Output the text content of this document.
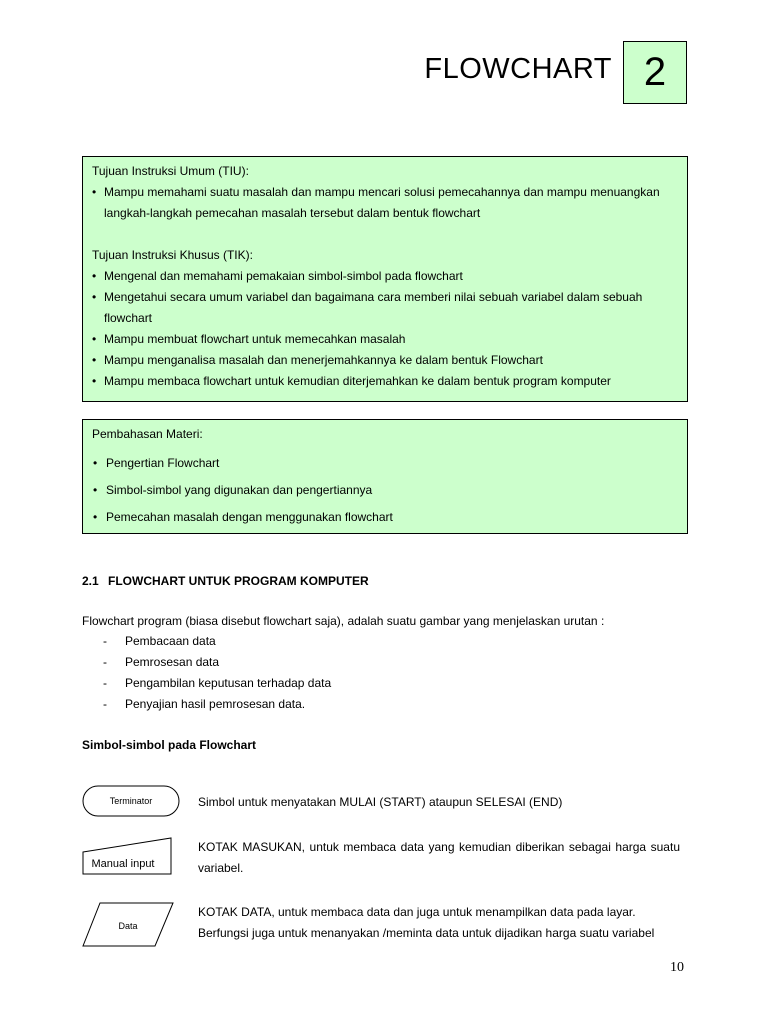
FLOWCHART 2
Tujuan Instruksi Umum (TIU):
• Mampu memahami suatu masalah dan mampu mencari solusi pemecahannya dan mampu menuangkan langkah-langkah pemecahan masalah tersebut dalam bentuk flowchart
Tujuan Instruksi Khusus (TIK):
• Mengenal dan memahami pemakaian simbol-simbol pada flowchart
• Mengetahui secara umum variabel dan bagaimana cara memberi nilai sebuah variabel dalam sebuah flowchart
• Mampu membuat flowchart untuk memecahkan masalah
• Mampu menganalisa masalah dan menerjemahkannya ke dalam bentuk Flowchart
• Mampu membaca flowchart untuk kemudian diterjemahkan ke dalam bentuk program komputer
Pembahasan Materi:
• Pengertian Flowchart
• Simbol-simbol yang digunakan dan pengertiannya
• Pemecahan masalah dengan menggunakan flowchart
2.1 FLOWCHART UNTUK PROGRAM KOMPUTER
Flowchart program (biasa disebut flowchart saja), adalah suatu gambar yang menjelaskan urutan :
- Pembacaan data
- Pemrosesan data
- Pengambilan keputusan terhadap data
- Penyajian hasil pemrosesan data.
Simbol-simbol pada Flowchart
Terminator	Simbol untuk menyatakan MULAI (START) ataupun SELESAI (END)
Manual input
KOTAK MASUKAN, untuk membaca data yang kemudian diberikan sebagai harga suatu variabel.
Data
KOTAK DATA, untuk membaca data dan juga untuk menampilkan data pada layar. Berfungsi juga untuk menanyakan /meminta data untuk dijadikan harga suatu variabel
10
